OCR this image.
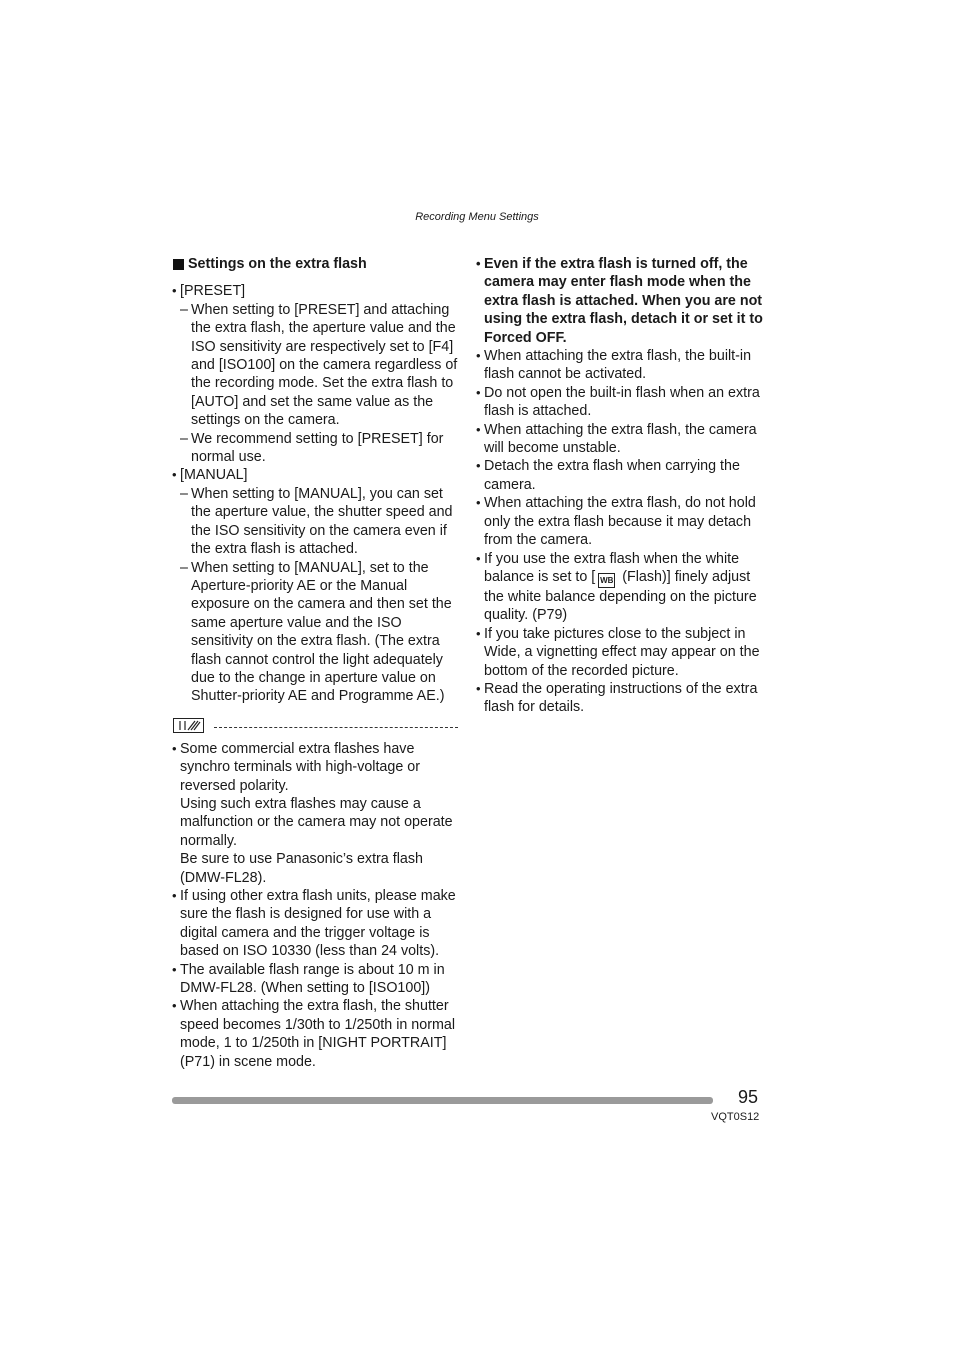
Recording Menu Settings
Settings on the extra flash
• [PRESET]
– When setting to [PRESET] and attaching the extra flash, the aperture value and the ISO sensitivity are respectively set to [F4] and [ISO100] on the camera regardless of the recording mode. Set the extra flash to [AUTO] and set the same value as the settings on the camera.
– We recommend setting to [PRESET] for normal use.
• [MANUAL]
– When setting to [MANUAL], you can set the aperture value, the shutter speed and the ISO sensitivity on the camera even if the extra flash is attached.
– When setting to [MANUAL], set to the Aperture-priority AE or the Manual exposure on the camera and then set the same aperture value and the ISO sensitivity on the extra flash. (The extra flash cannot control the light adequately due to the change in aperture value on Shutter-priority AE and Programme AE.)
• Some commercial extra flashes have synchro terminals with high-voltage or reversed polarity.
Using such extra flashes may cause a malfunction or the camera may not operate normally.
Be sure to use Panasonic’s extra flash (DMW-FL28).
• If using other extra flash units, please make sure the flash is designed for use with a digital camera and the trigger voltage is based on ISO 10330 (less than 24 volts).
• The available flash range is about 10 m in DMW-FL28. (When setting to [ISO100])
• When attaching the extra flash, the shutter speed becomes 1/30th to 1/250th in normal mode, 1 to 1/250th in [NIGHT PORTRAIT] (P71) in scene mode.
• Even if the extra flash is turned off, the camera may enter flash mode when the extra flash is attached. When you are not using the extra flash, detach it or set it to Forced OFF.
• When attaching the extra flash, the built-in flash cannot be activated.
• Do not open the built-in flash when an extra flash is attached.
• When attaching the extra flash, the camera will become unstable.
• Detach the extra flash when carrying the camera.
• When attaching the extra flash, do not hold only the extra flash because it may detach from the camera.
• If you use the extra flash when the white balance is set to [ WB (Flash)] finely adjust the white balance depending on the picture quality. (P79)
• If you take pictures close to the subject in Wide, a vignetting effect may appear on the bottom of the recorded picture.
• Read the operating instructions of the extra flash for details.
95
VQT0S12
